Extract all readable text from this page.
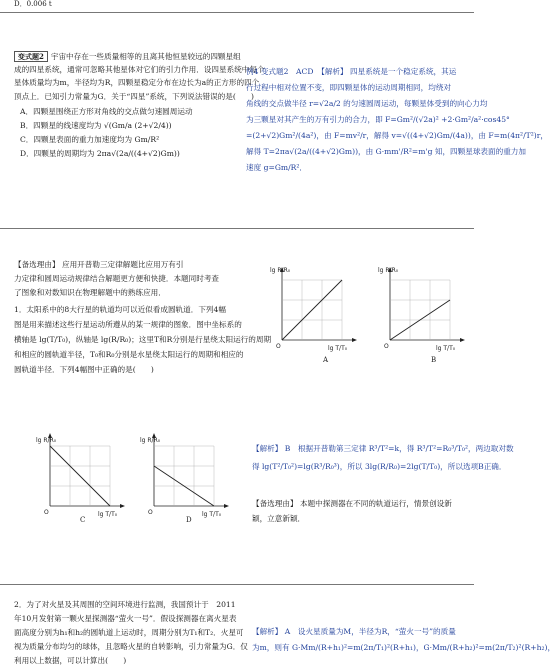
D．0.006 t

变式题2 宇宙中存在一些质量相等的且离其他恒星较远的四颗星组

成的四星系统，通常可忽略其他星体对它们的引力作用．设四星系统中每个

星体质量均为m，半径均为R，四颗星稳定分布在边长为a的正方形的四个

顶点上．已知引力常量为G．关于“四星”系统，下列说法错误的是(　　)

A．四颗星围绕正方形对角线的交点做匀速圆周运动

B．四颗星的线速度均为 √(Gm/a (2+√2/4))

C．四颗星表面的重力加速度均为 Gm/R²

D．四颗星的周期均为 2πa√(2a/((4+√2)Gm))

例4 变式题2　ACD　【解析】 四星系统是一个稳定系统，其运

行过程中相对位置不变，即四颗星体的运动周期相同，均绕对

角线的交点做半径 r=√2a/2 的匀速圆周运动，每颗星体受到的向心力均

为三颗星对其产生的万有引力的合力，即 F=Gm²/(√2a)² +2·Gm²/a²·cos45°

=(2+√2)Gm²/(4a²)，由 F=mv²/r，解得 v=√((4+√2)Gm/(4a))，由 F=m(4π²/T²)r，

解得 T=2πa√(2a/((4+√2)Gm))，由 G·mm'/R²=m'g 知，四颗星球表面的重力加

速度 g=Gm/R²．

【备选理由】 应用开普勒三定律解题比应用万有引

力定律和圆周运动规律结合解题更方便和快捷．本题同时考查

了图象和对数知识在物理解题中的熟练应用．

1．太阳系中的8大行星的轨道均可以近似看成圆轨道．下列4幅

图是用来描述这些行星运动所遵从的某一规律的图象．图中坐标系的

横轴是 lg(T/T₀)，纵轴是 lg(R/R₀)；这里T和R分别是行星绕太阳运行的周期

和相应的圆轨道半径，T₀和R₀分别是水星绕太阳运行的周期和相应的

圆轨道半径．下列4幅图中正确的是(　　)

lg R/R₀
O	lg T/T₀
A
lg R/R₀
O	lg T/T₀
B
lg R/R₀
O	lg T/T₀
C
lg R/R₀
O	lg T/T₀
D

【解析】 B　根据开普勒第三定律 R³/T²=k，得 R³/T²=R₀³/T₀²，两边取对数

得 lg(T²/T₀²)=lg(R³/R₀³)，所以 3lg(R/R₀)=2lg(T/T₀)，所以选项B正确．

【备选理由】 本题中探测器在不同的轨道运行，情景创设新

颖，立意新颖．

2．为了对火星及其周围的空间环境进行监测，我国预计于　2011

年10月发射第一颗火星探测器“萤火一号”．假设探测器在离火星表

面高度分别为h₁和h₂的圆轨道上运动时，周期分别为T₁和T₂．火星可

视为质量分布均匀的球体，且忽略火星的自转影响，引力常量为G．仅

利用以上数据，可以计算出(　　)

【解析】 A　设火星质量为M，半径为R，“萤火一号”的质量

为m，则有 G·Mm/(R+h₁)²=m(2π/T₁)²(R+h₁)，G·Mm/(R+h₂)²=m(2π/T₂)²(R+h₂)，
